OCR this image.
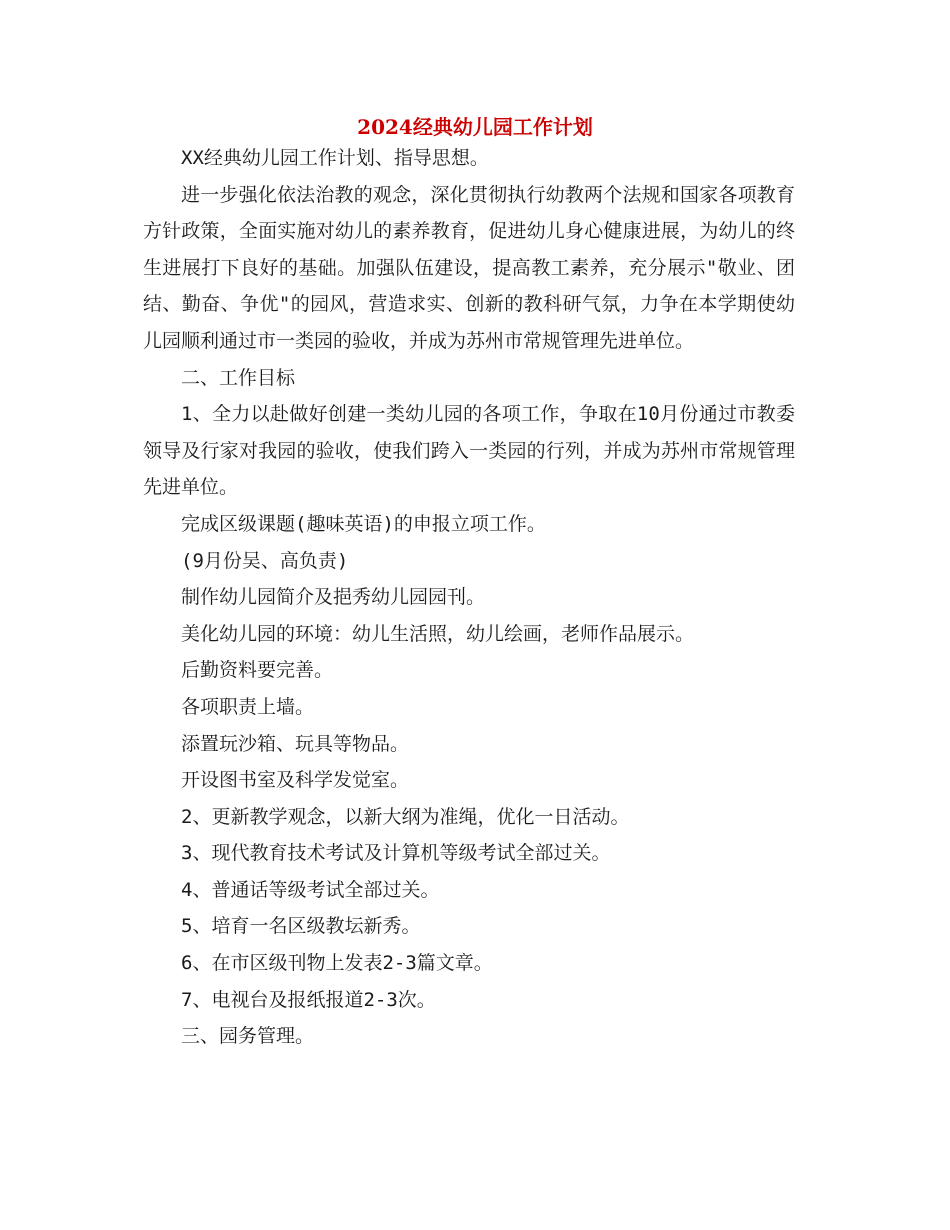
2024经典幼儿园工作计划

XX经典幼儿园工作计划、指导思想。

进一步强化依法治教的观念，深化贯彻执行幼教两个法规和国家各项教育方针政策，全面实施对幼儿的素养教育，促进幼儿身心健康进展，为幼儿的终生进展打下良好的基础。加强队伍建设，提高教工素养，充分展示"敬业、团结、勤奋、争优"的园风，营造求实、创新的教科研气氛，力争在本学期使幼儿园顺利通过市一类园的验收，并成为苏州市常规管理先进单位。

二、工作目标

1、全力以赴做好创建一类幼儿园的各项工作，争取在10月份通过市教委领导及行家对我园的验收，使我们跨入一类园的行列，并成为苏州市常规管理先进单位。

完成区级课题(趣味英语)的申报立项工作。

(9月份吴、高负责)

制作幼儿园简介及挹秀幼儿园园刊。

美化幼儿园的环境：幼儿生活照，幼儿绘画，老师作品展示。

后勤资料要完善。

各项职责上墙。

添置玩沙箱、玩具等物品。

开设图书室及科学发觉室。

2、更新教学观念，以新大纲为准绳，优化一日活动。

3、现代教育技术考试及计算机等级考试全部过关。

4、普通话等级考试全部过关。

5、培育一名区级教坛新秀。

6、在市区级刊物上发表2-3篇文章。

7、电视台及报纸报道2-3次。

三、园务管理。
